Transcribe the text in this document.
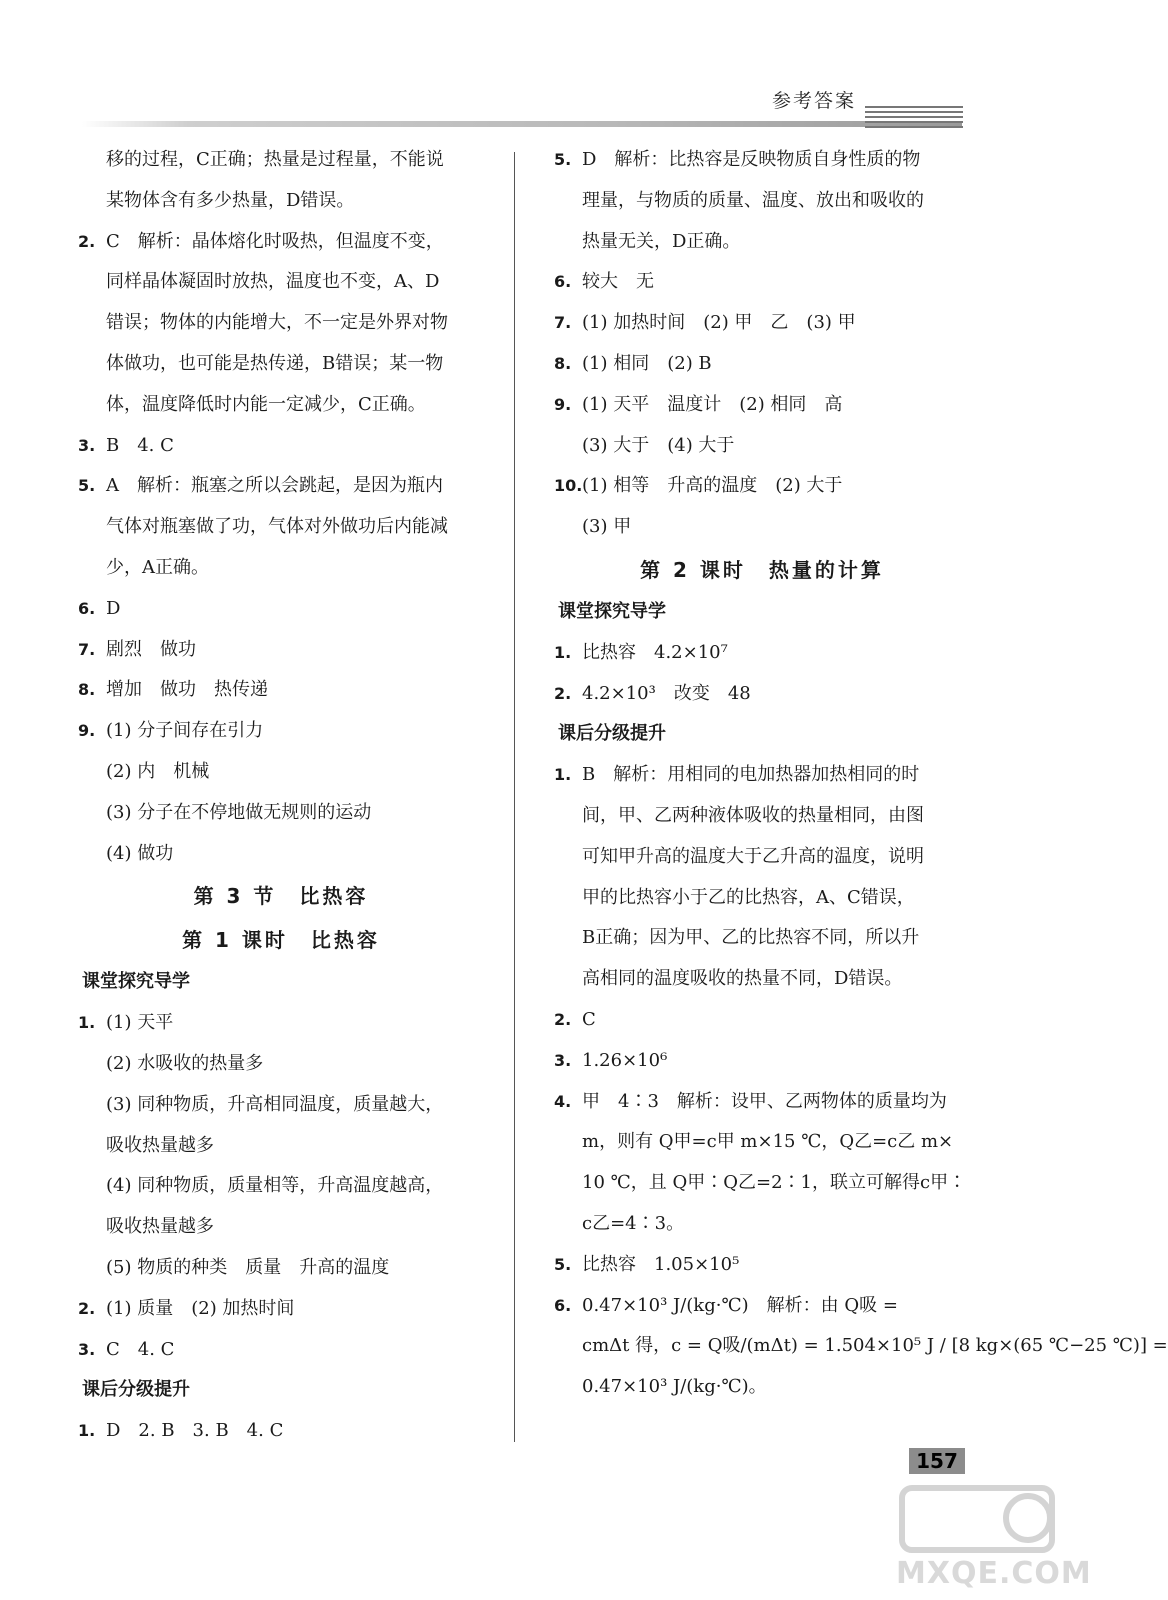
参考答案
移的过程，C正确；热量是过程量，不能说
某物体含有多少热量，D错误。
2. C　解析：晶体熔化时吸热，但温度不变，
同样晶体凝固时放热，温度也不变，A、D
错误；物体的内能增大，不一定是外界对物
体做功，也可能是热传递，B错误；某一物
体，温度降低时内能一定减少，C正确。
3. B　4. C
5. A　解析：瓶塞之所以会跳起，是因为瓶内
气体对瓶塞做了功，气体对外做功后内能减
少，A正确。
6. D
7. 剧烈　做功
8. 增加　做功　热传递
9. (1) 分子间存在引力
(2) 内　机械
(3) 分子在不停地做无规则的运动
(4) 做功
第 3 节　比热容
第 1 课时　比热容
课堂探究导学
1. (1) 天平
(2) 水吸收的热量多
(3) 同种物质，升高相同温度，质量越大，
吸收热量越多
(4) 同种物质，质量相等，升高温度越高，
吸收热量越多
(5) 物质的种类　质量　升高的温度
2. (1) 质量　(2) 加热时间
3. C　4. C
课后分级提升
1. D　2. B　3. B　4. C
5. D　解析：比热容是反映物质自身性质的物
理量，与物质的质量、温度、放出和吸收的
热量无关，D正确。
6. 较大　无
7. (1) 加热时间　(2) 甲　乙　(3) 甲
8. (1) 相同　(2) B
9. (1) 天平　温度计　(2) 相同　高
(3) 大于　(4) 大于
10. (1) 相等　升高的温度　(2) 大于
(3) 甲
第 2 课时　热量的计算
课堂探究导学
1. 比热容　4.2×10⁷
2. 4.2×10³　改变　48
课后分级提升
1. B　解析：用相同的电加热器加热相同的时
间，甲、乙两种液体吸收的热量相同，由图
可知甲升高的温度大于乙升高的温度，说明
甲的比热容小于乙的比热容，A、C错误，
B正确；因为甲、乙的比热容不同，所以升
高相同的温度吸收的热量不同，D错误。
2. C
3. 1.26×10⁶
4. 甲　4∶3　解析：设甲、乙两物体的质量均为
m，则有 Q甲=c甲 m×15 ℃，Q乙=c乙 m×
10 ℃，且 Q甲∶Q乙=2∶1，联立可解得c甲∶
c乙=4∶3。
5. 比热容　1.05×10⁵
6. 0.47×10³ J/(kg·℃)　解析：由 Q吸 =
cmΔt 得，c = Q吸/(mΔt) = 1.504×10⁵ J / [8 kg×(65 ℃−25 ℃)] =
0.47×10³ J/(kg·℃)。
157
MXQE.COM
